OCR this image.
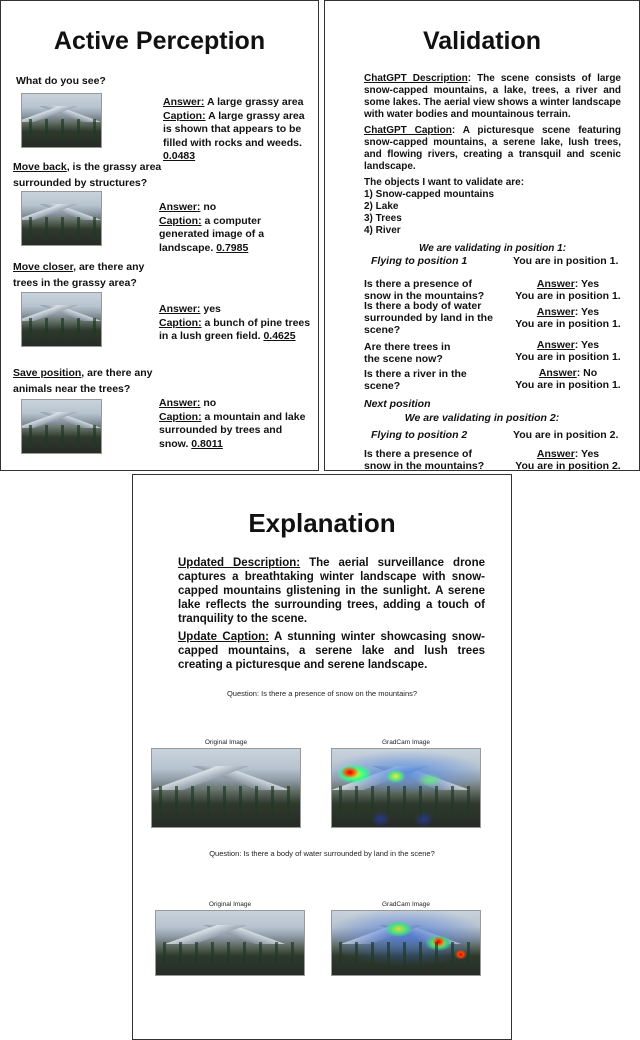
Active Perception
What do you see?
Answer: A large grassy area
Caption: A large grassy area is shown that appears to be filled with rocks and weeds. 0.0483
Move back, is the grassy area surrounded by structures?
Answer: no
Caption: a computer generated image of a landscape. 0.7985
Move closer, are there any trees in the grassy area?
Answer: yes
Caption: a bunch of pine trees in a lush green field. 0.4625
Save position, are there any animals near the trees?
Answer: no
Caption: a mountain and lake surrounded by trees and snow. 0.8011
Validation

ChatGPT Description: The scene consists of large snow-capped mountains, a lake, trees, a river and some lakes. The aerial view shows a winter landscape with water bodies and mountainous terrain.

ChatGPT Caption: A picturesque scene featuring snow-capped mountains, a serene lake, lush trees, and flowing rivers, creating a transquil and scenic landscape.

The objects I want to validate are:

1) Snow-capped mountains

2) Lake

3) Trees

4) River

We are validating in position 1:

Flying to position 1	You are in position 1.
Is there a presence of snow in the mountains?
Answer: Yes
You are in position 1.
Is there a body of water surrounded by land in the scene?
Answer: Yes
You are in position 1.
Are there trees in the scene now?
Answer: Yes
You are in position 1.
Is there a river in the scene?
Answer: No
You are in position 1.
Next position
We are validating in position 2:
Flying to position 2	You are in position 2.
Is there a presence of snow in the mountains?
Answer: Yes
You are in position 2.
Explanation

Updated Description: The aerial surveillance drone captures a breathtaking winter landscape with snow-capped mountains glistening in the sunlight. A serene lake reflects the surrounding trees, adding a touch of tranquility to the scene.

Update Caption: A stunning winter showcasing snow-capped mountains, a serene lake and lush trees creating a picturesque and serene landscape.

Question: Is there a presence of snow on the mountains?
Original Image	GradCam Image
Question: Is there a body of water surrounded by land in the scene?
Original Image	GradCam Image
